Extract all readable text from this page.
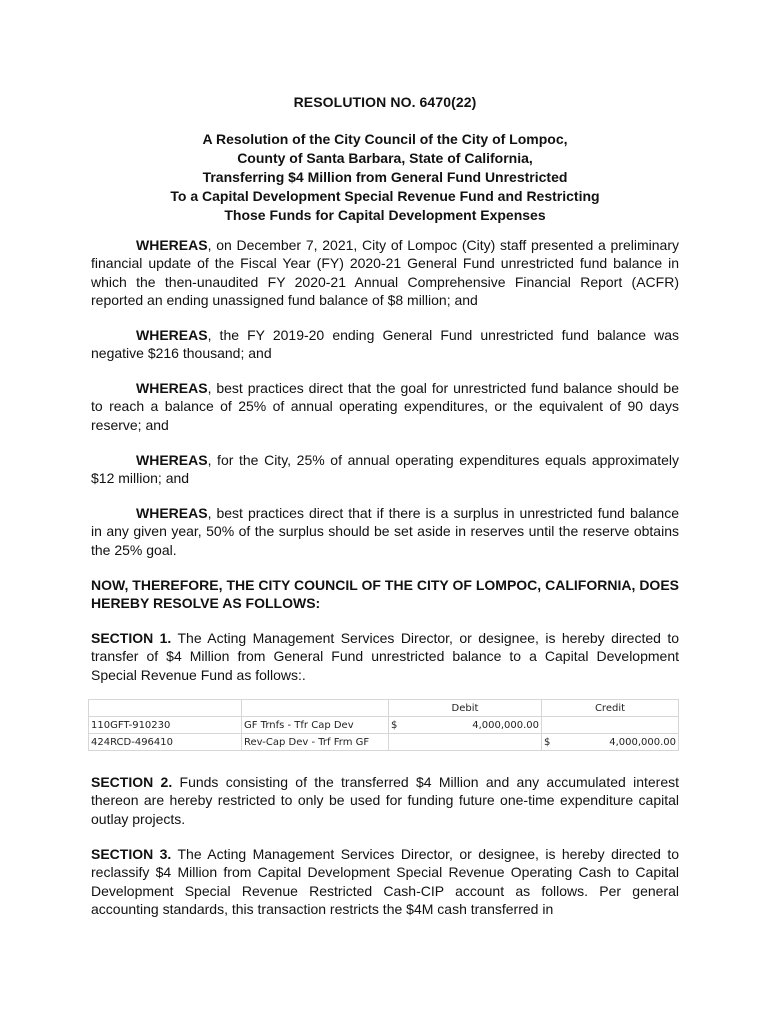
RESOLUTION NO. 6470(22)
A Resolution of the City Council of the City of Lompoc,
County of Santa Barbara, State of California,
Transferring $4 Million from General Fund Unrestricted
To a Capital Development Special Revenue Fund and Restricting
Those Funds for Capital Development Expenses
WHEREAS, on December 7, 2021, City of Lompoc (City) staff presented a preliminary financial update of the Fiscal Year (FY) 2020-21 General Fund unrestricted fund balance in which the then-unaudited FY 2020-21 Annual Comprehensive Financial Report (ACFR) reported an ending unassigned fund balance of $8 million; and
WHEREAS, the FY 2019-20 ending General Fund unrestricted fund balance was negative $216 thousand; and
WHEREAS, best practices direct that the goal for unrestricted fund balance should be to reach a balance of 25% of annual operating expenditures, or the equivalent of 90 days reserve; and
WHEREAS, for the City, 25% of annual operating expenditures equals approximately $12 million; and
WHEREAS, best practices direct that if there is a surplus in unrestricted fund balance in any given year, 50% of the surplus should be set aside in reserves until the reserve obtains the 25% goal.
NOW, THEREFORE, THE CITY COUNCIL OF THE CITY OF LOMPOC, CALIFORNIA, DOES HEREBY RESOLVE AS FOLLOWS:
SECTION 1. The Acting Management Services Director, or designee, is hereby directed to transfer of $4 Million from General Fund unrestricted balance to a Capital Development Special Revenue Fund as follows:.
		Debit	Credit
110GFT-910230	GF Trnfs - Tfr Cap Dev	$ 4,000,000.00	

424RCD-496410	Rev-Cap Dev - Trf Frm GF		$ 4,000,000.00
SECTION 2. Funds consisting of the transferred $4 Million and any accumulated interest thereon are hereby restricted to only be used for funding future one-time expenditure capital outlay projects.
SECTION 3. The Acting Management Services Director, or designee, is hereby directed to reclassify $4 Million from Capital Development Special Revenue Operating Cash to Capital Development Special Revenue Restricted Cash-CIP account as follows. Per general accounting standards, this transaction restricts the $4M cash transferred in
